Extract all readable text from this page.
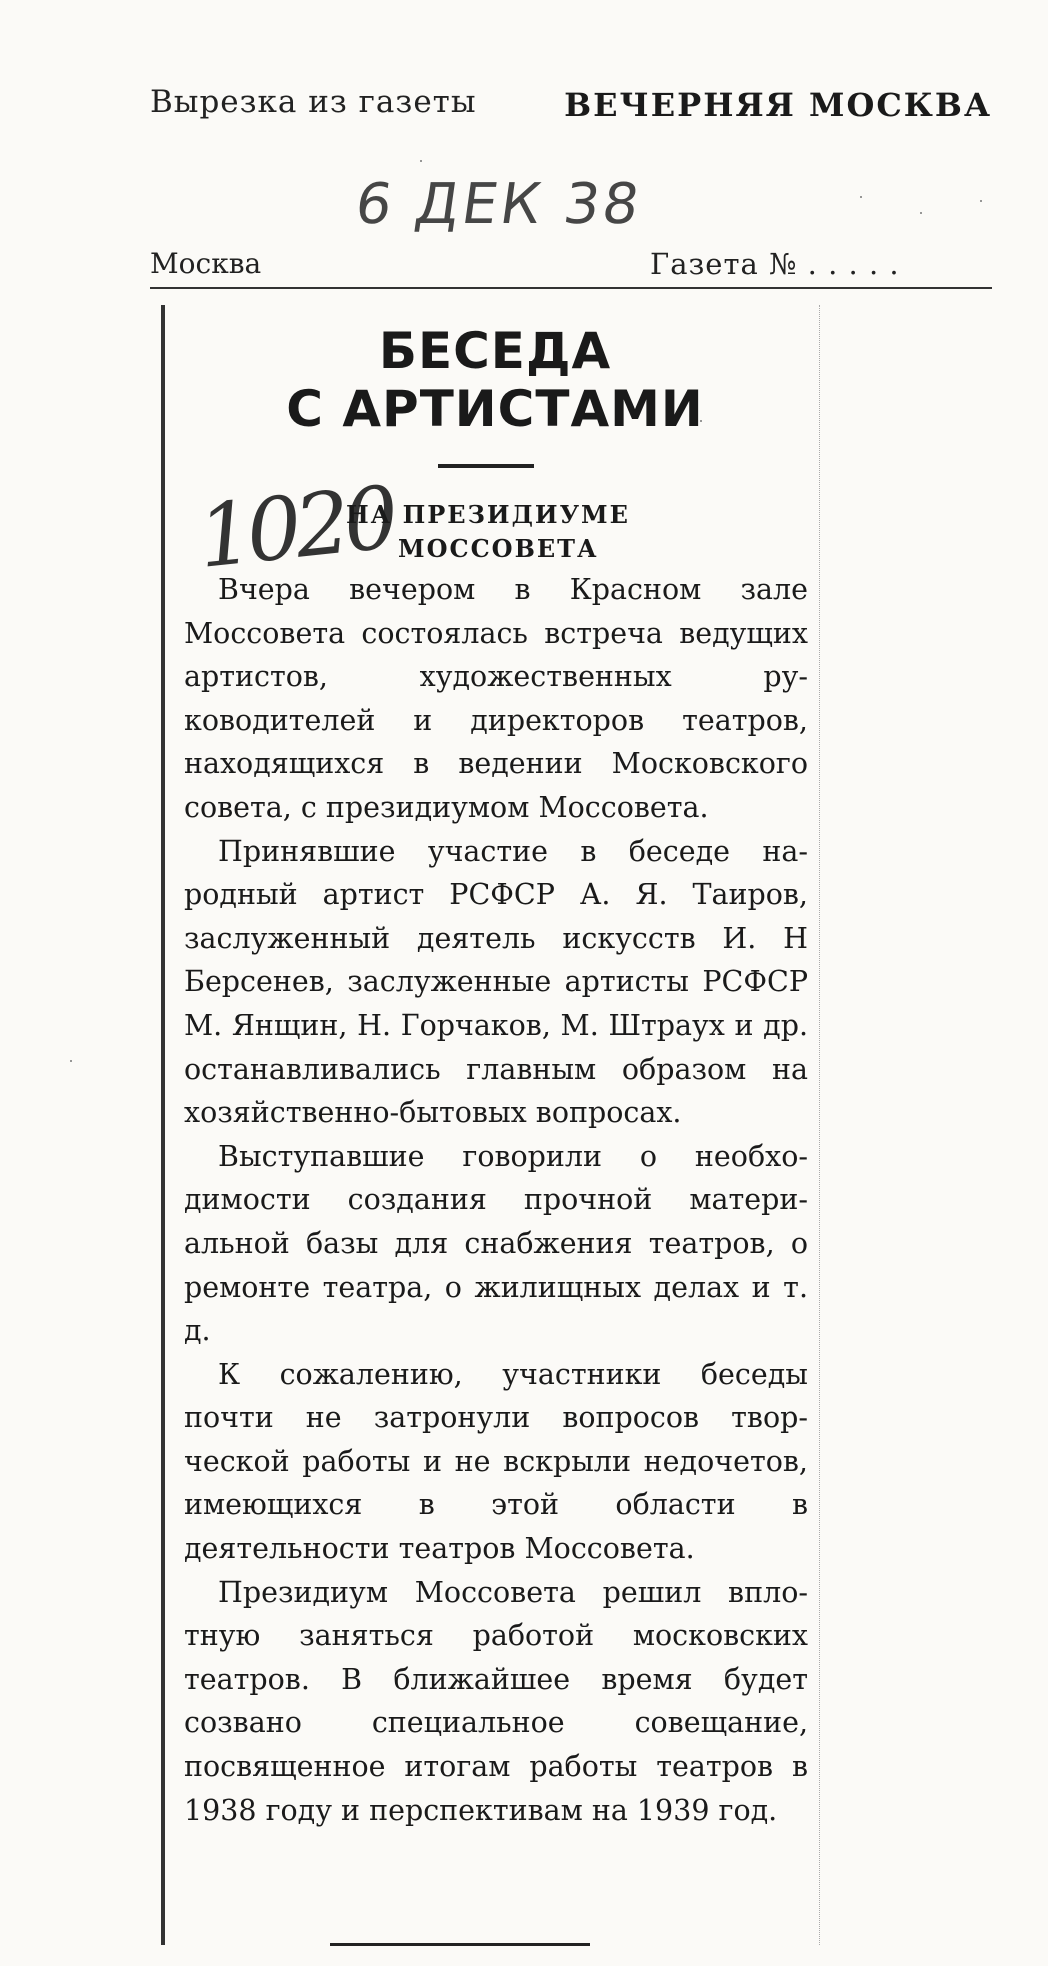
Вырезка из газеты	ВЕЧЕРНЯЯ МОСКВА
6 ДЕК 38
Москва	Газета № . . . . .
БЕСЕДА
С АРТИСТАМИ
1020
НА ПРЕЗИДИУМЕ
МОССОВЕТА

Вчера вечером в Красном зале Моссовета состоялась встреча ведущих артистов, художественных руководителей и директоров театров, находящихся в ведении Московского совета, с президиумом Моссовета.

Принявшие участие в беседе народный артист РСФСР А. Я. Таиров, заслуженный деятель искусств И. Н Берсенев, заслуженные артисты РСФСР М. Янщин, Н. Горчаков, М. Штраух и др. останавливались главным образом на хозяйственно-бытовых вопросах.

Выступавшие говорили о необходимости создания прочной материальной базы для снабжения театров, о ремонте театра, о жилищных делах и т. д.

К сожалению, участники беседы почти не затронули вопросов творческой работы и не вскрыли недочетов, имеющихся в этой области в деятельности театров Моссовета.

Президиум Моссовета решил вплотную заняться работой московских театров. В ближайшее время будет созвано специальное совещание, посвященное итогам работы театров в 1938 году и перспективам на 1939 год.
